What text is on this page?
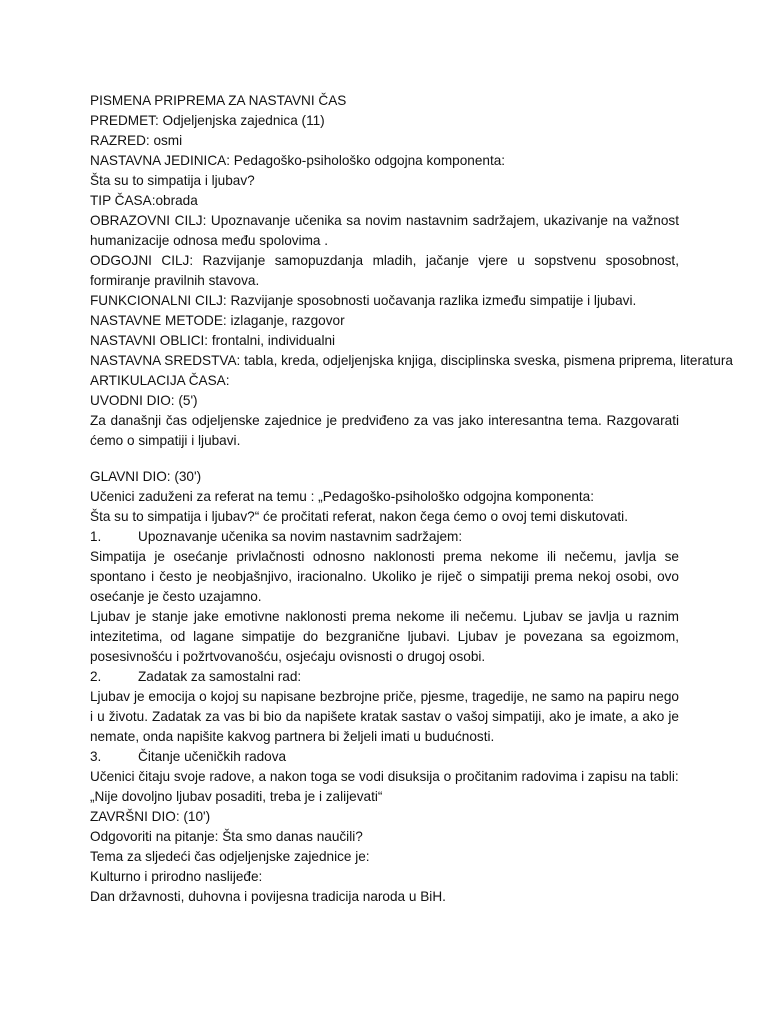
PISMENA PRIPREMA ZA NASTAVNI ČAS
PREDMET: Odjeljenjska zajednica (11)
RAZRED: osmi
NASTAVNA JEDINICA: Pedagoško-psihološko odgojna komponenta:
Šta su to simpatija i ljubav?
TIP ČASA:obrada
OBRAZOVNI CILJ: Upoznavanje učenika sa novim nastavnim sadržajem, ukazivanje na važnost humanizacije odnosa među spolovima .
ODGOJNI CILJ: Razvijanje samopuzdanja mladih, jačanje vjere u sopstvenu sposobnost, formiranje pravilnih stavova.
FUNKCIONALNI CILJ: Razvijanje sposobnosti uočavanja razlika između simpatije i ljubavi.
NASTAVNE METODE: izlaganje, razgovor
NASTAVNI OBLICI: frontalni, individualni
NASTAVNA SREDSTVA: tabla, kreda, odjeljenjska knjiga, disciplinska sveska, pismena priprema, literatura
ARTIKULACIJA ČASA:
UVODNI DIO: (5')
Za današnji čas odjeljenske zajednice je predviđeno za vas jako interesantna tema. Razgovarati ćemo o simpatiji i ljubavi.
GLAVNI DIO: (30')
Učenici zaduženi za referat na temu : „Pedagoško-psihološko odgojna komponenta:
Šta su to simpatija i ljubav?“ će pročitati referat, nakon čega ćemo o ovoj temi diskutovati.
1.	Upoznavanje učenika sa novim nastavnim sadržajem:
Simpatija je osećanje privlačnosti odnosno naklonosti prema nekome ili nečemu, javlja se spontano i često je neobjašnjivo, iracionalno. Ukoliko je riječ o simpatiji prema nekoj osobi, ovo osećanje je često uzajamno.
Ljubav je stanje jake emotivne naklonosti prema nekome ili nečemu. Ljubav se javlja u raznim intezitetima, od lagane simpatije do bezgranične ljubavi. Ljubav je povezana sa egoizmom, posesivnošću i požrtvovanošću, osjećaju ovisnosti o drugoj osobi.
2.	Zadatak za samostalni rad:
Ljubav je emocija o kojoj su napisane bezbrojne priče, pjesme, tragedije, ne samo na papiru nego i u životu. Zadatak za vas bi bio da napišete kratak sastav o vašoj simpatiji, ako je imate, a ako je nemate, onda napišite kakvog partnera bi željeli imati u budućnosti.
3.	Čitanje učeničkih radova
Učenici čitaju svoje radove, a nakon toga se vodi disuksija o pročitanim radovima i zapisu na tabli:
„Nije dovoljno ljubav posaditi, treba je i zalijevati“
ZAVRŠNI DIO: (10')
Odgovoriti na pitanje: Šta smo danas naučili?
Tema za sljedeći čas odjeljenjske zajednice je:
Kulturno i prirodno naslijeđe:
Dan državnosti, duhovna i povijesna tradicija naroda u BiH.
